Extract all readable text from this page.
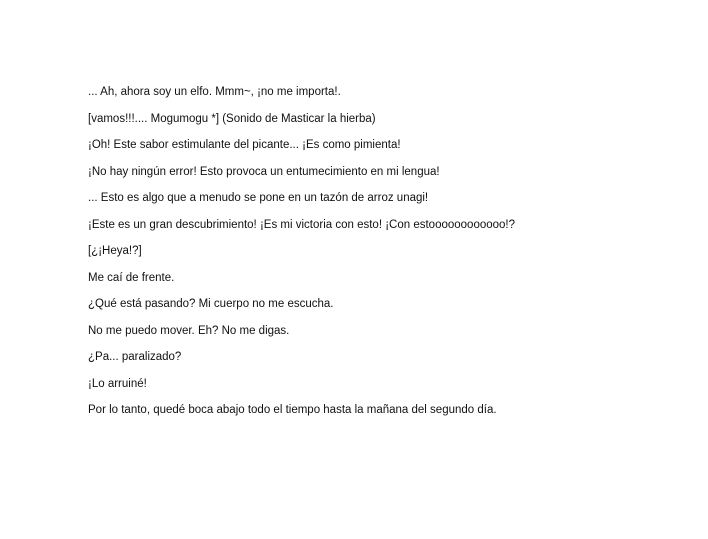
... Ah, ahora soy un elfo. Mmm~, ¡no me importa!.
[vamos!!!.... Mogumogu *] (Sonido de Masticar la hierba)
¡Oh! Este sabor estimulante del picante... ¡Es como pimienta!
¡No hay ningún error! Esto provoca un entumecimiento en mi lengua!
... Esto es algo que a menudo se pone en un tazón de arroz unagi!
¡Este es un gran descubrimiento! ¡Es mi victoria con esto! ¡Con estoooooooooooo!?
[¿¡Heya!?]
Me caí de frente.
¿Qué está pasando? Mi cuerpo no me escucha.
No me puedo mover. Eh? No me digas.
¿Pa... paralizado?
¡Lo arruiné!
Por lo tanto, quedé boca abajo todo el tiempo hasta la mañana del segundo día.
